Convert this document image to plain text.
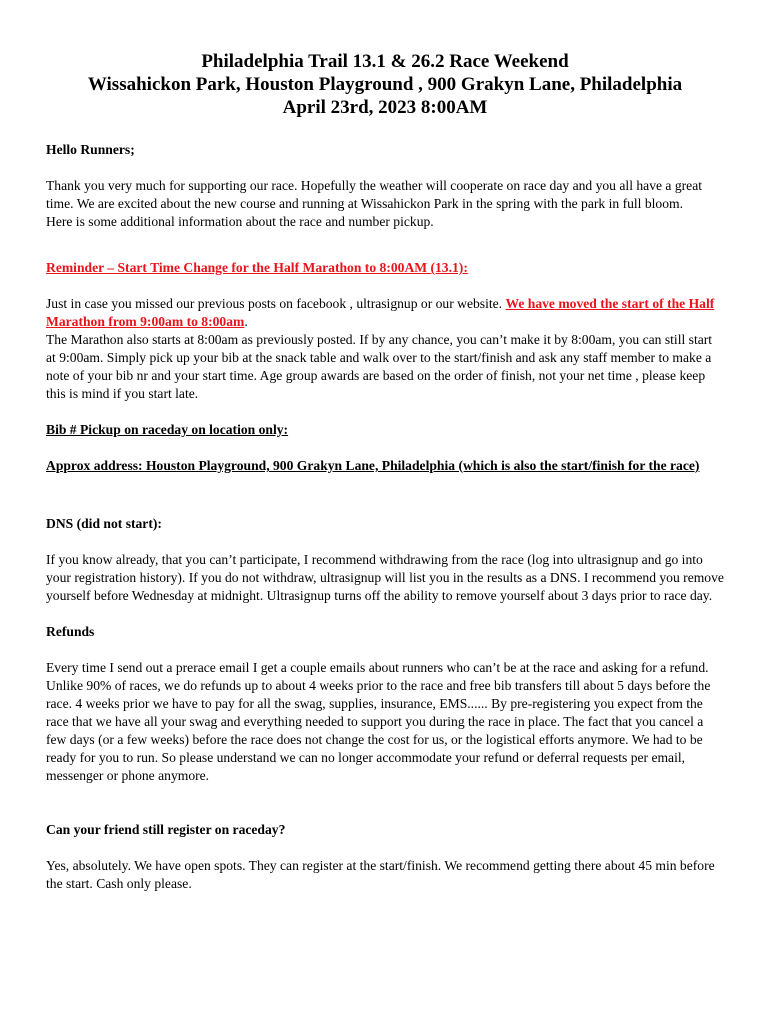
Philadelphia Trail 13.1 & 26.2 Race Weekend
Wissahickon Park, Houston Playground , 900 Grakyn Lane, Philadelphia
April 23rd, 2023 8:00AM

Hello Runners;

Thank you very much for supporting our race. Hopefully the weather will cooperate on race day and you all have a great time. We are excited about the new course and running at Wissahickon Park in the spring with the park in full bloom.

Here is some additional information about the race and number pickup.

Reminder – Start Time Change for the Half Marathon to 8:00AM (13.1):

Just in case you missed our previous posts on facebook , ultrasignup or our website. We have moved the start of the Half Marathon from 9:00am to 8:00am.

The Marathon also starts at 8:00am as previously posted. If by any chance, you can’t make it by 8:00am, you can still start at 9:00am. Simply pick up your bib at the snack table and walk over to the start/finish and ask any staff member to make a note of your bib nr and your start time. Age group awards are based on the order of finish, not your net time , please keep this is mind if you start late.

Bib # Pickup on raceday on location only:

Approx address: Houston Playground, 900 Grakyn Lane, Philadelphia (which is also the start/finish for the race)

DNS (did not start):

If you know already, that you can’t participate, I recommend withdrawing from the race (log into ultrasignup and go into your registration history). If you do not withdraw, ultrasignup will list you in the results as a DNS. I recommend you remove yourself before Wednesday at midnight. Ultrasignup turns off the ability to remove yourself about 3 days prior to race day.

Refunds

Every time I send out a prerace email I get a couple emails about runners who can’t be at the race and asking for a refund.

Unlike 90% of races, we do refunds up to about 4 weeks prior to the race and free bib transfers till about 5 days before the race. 4 weeks prior we have to pay for all the swag, supplies, insurance, EMS...... By pre-registering you expect from the race that we have all your swag and everything needed to support you during the race in place. The fact that you cancel a few days (or a few weeks) before the race does not change the cost for us, or the logistical efforts anymore. We had to be ready for you to run. So please understand we can no longer accommodate your refund or deferral requests per email, messenger or phone anymore.

Can your friend still register on raceday?

Yes, absolutely. We have open spots. They can register at the start/finish. We recommend getting there about 45 min before the start. Cash only please.
